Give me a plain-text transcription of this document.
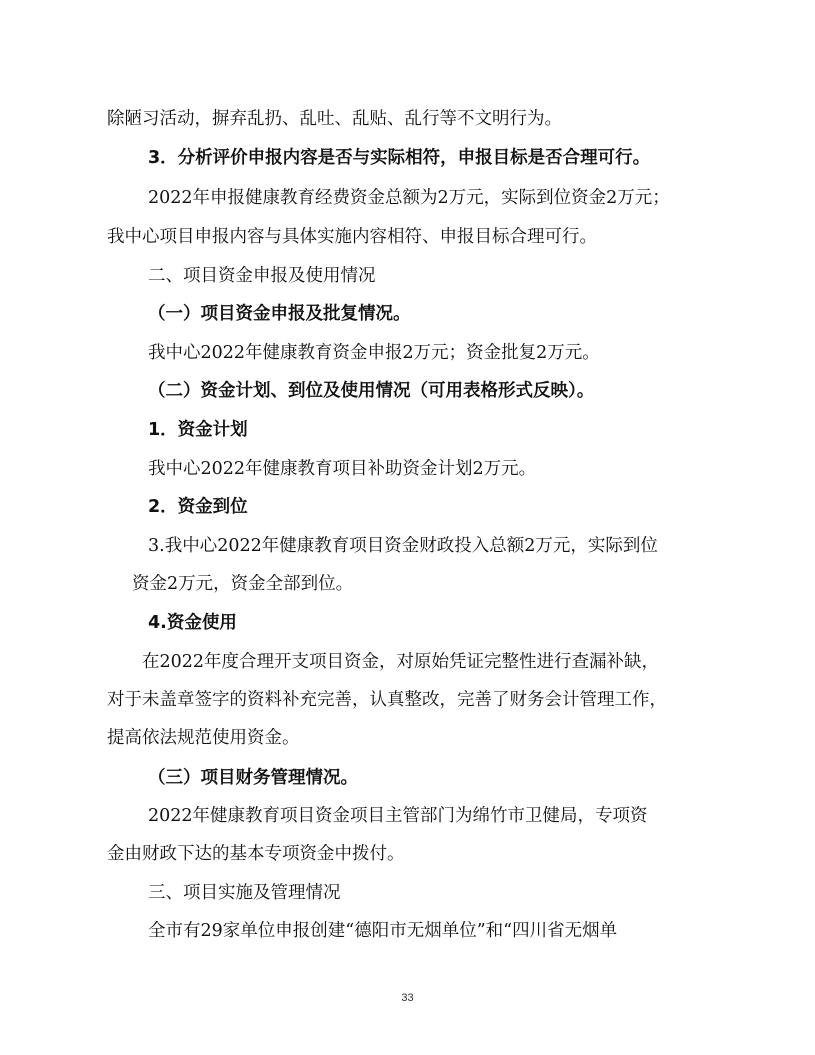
除陋习活动，摒弃乱扔、乱吐、乱贴、乱行等不文明行为。
3．分析评价申报内容是否与实际相符，申报目标是否合理可行。
2022年申报健康教育经费资金总额为2万元，实际到位资金2万元；
我中心项目申报内容与具体实施内容相符、申报目标合理可行。
二、项目资金申报及使用情况
（一）项目资金申报及批复情况。
我中心2022年健康教育资金申报2万元；资金批复2万元。
（二）资金计划、到位及使用情况（可用表格形式反映）。
1．资金计划
我中心2022年健康教育项目补助资金计划2万元。
2．资金到位
3.我中心2022年健康教育项目资金财政投入总额2万元，实际到位
资金2万元，资金全部到位。
4.资金使用
在2022年度合理开支项目资金，对原始凭证完整性进行查漏补缺，
对于未盖章签字的资料补充完善，认真整改，完善了财务会计管理工作，
提高依法规范使用资金。
（三）项目财务管理情况。
2022年健康教育项目资金项目主管部门为绵竹市卫健局，专项资
金由财政下达的基本专项资金中拨付。
三、项目实施及管理情况
全市有29家单位申报创建“德阳市无烟单位”和“四川省无烟单
33
